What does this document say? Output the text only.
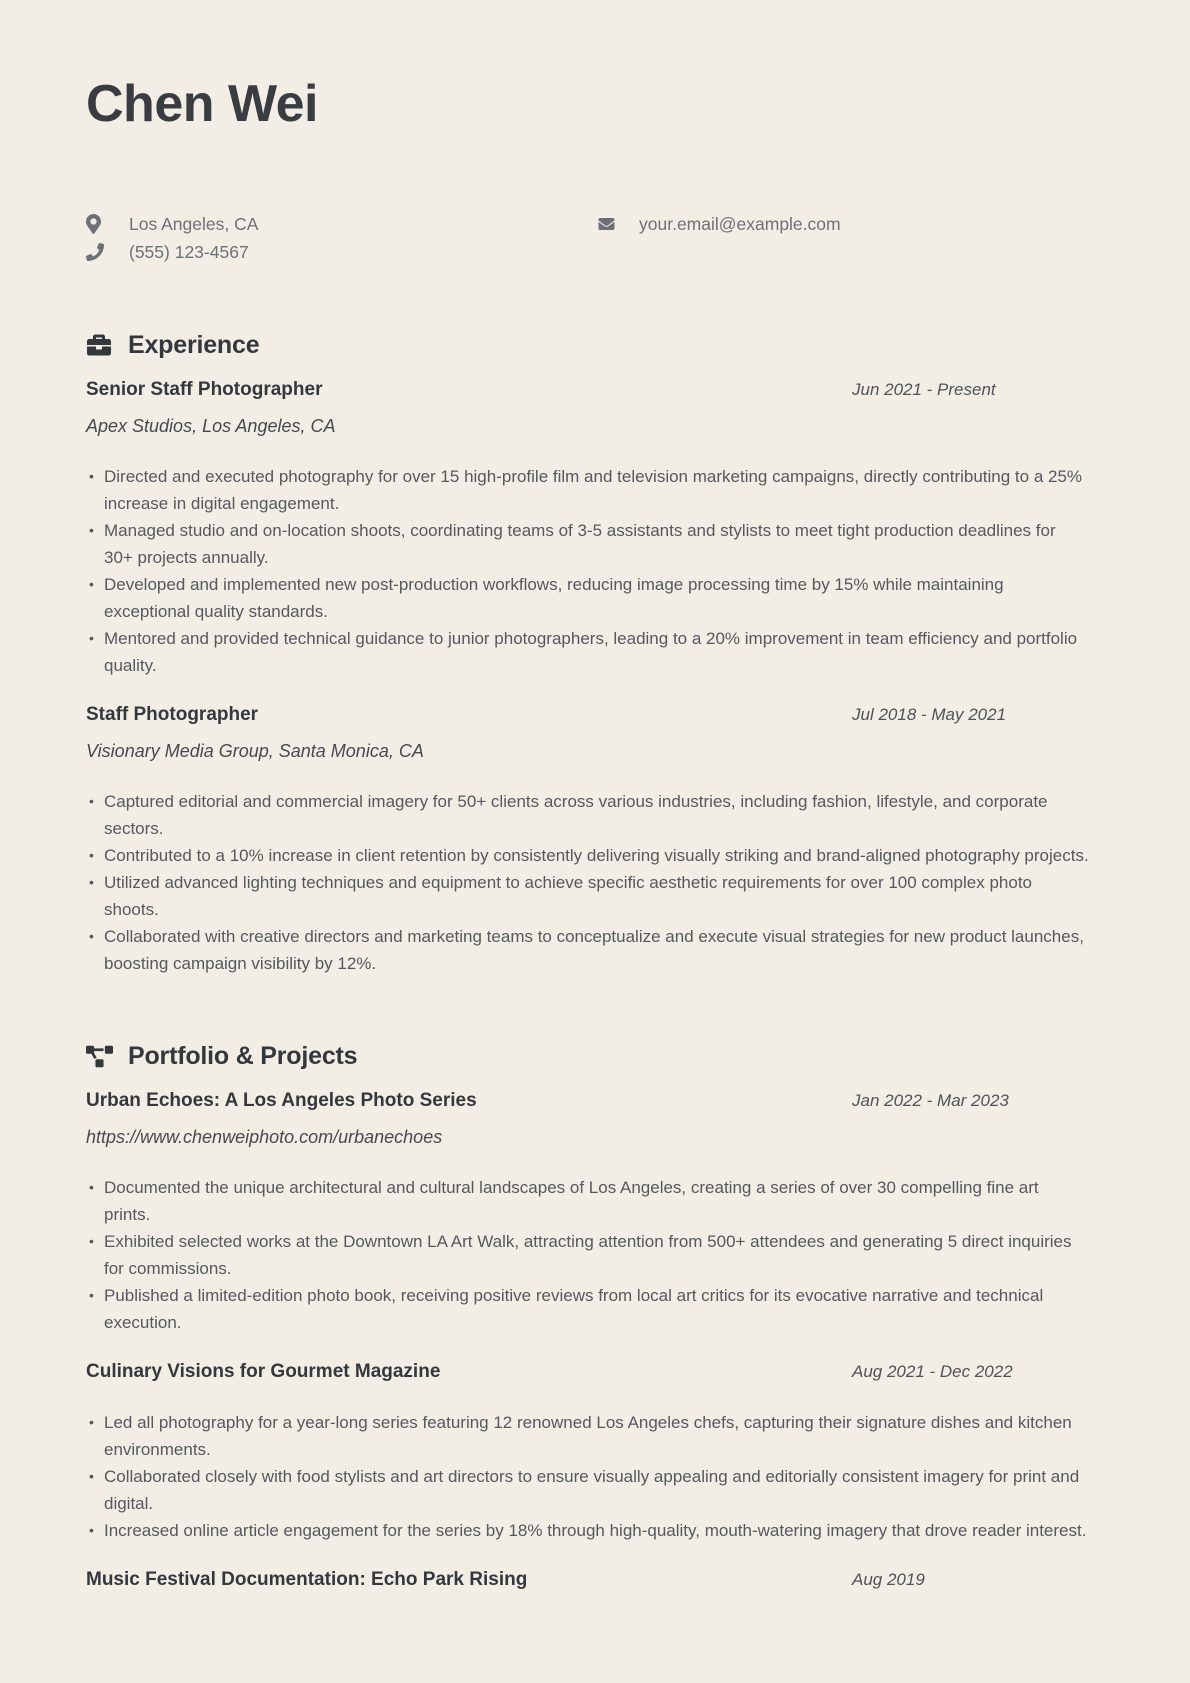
Chen Wei
Los Angeles, CA
(555) 123-4567
your.email@example.com
Experience
Senior Staff Photographer	Jun 2021 - Present
Apex Studios, Los Angeles, CA
• Directed and executed photography for over 15 high-profile film and television marketing campaigns, directly contributing to a 25% increase in digital engagement.
• Managed studio and on-location shoots, coordinating teams of 3-5 assistants and stylists to meet tight production deadlines for 30+ projects annually.
• Developed and implemented new post-production workflows, reducing image processing time by 15% while maintaining exceptional quality standards.
• Mentored and provided technical guidance to junior photographers, leading to a 20% improvement in team efficiency and portfolio quality.
Staff Photographer	Jul 2018 - May 2021
Visionary Media Group, Santa Monica, CA
• Captured editorial and commercial imagery for 50+ clients across various industries, including fashion, lifestyle, and corporate sectors.
• Contributed to a 10% increase in client retention by consistently delivering visually striking and brand-aligned photography projects.
• Utilized advanced lighting techniques and equipment to achieve specific aesthetic requirements for over 100 complex photo shoots.
• Collaborated with creative directors and marketing teams to conceptualize and execute visual strategies for new product launches, boosting campaign visibility by 12%.
Portfolio & Projects
Urban Echoes: A Los Angeles Photo Series	Jan 2022 - Mar 2023
https://www.chenweiphoto.com/urbanechoes
• Documented the unique architectural and cultural landscapes of Los Angeles, creating a series of over 30 compelling fine art prints.
• Exhibited selected works at the Downtown LA Art Walk, attracting attention from 500+ attendees and generating 5 direct inquiries for commissions.
• Published a limited-edition photo book, receiving positive reviews from local art critics for its evocative narrative and technical execution.
Culinary Visions for Gourmet Magazine	Aug 2021 - Dec 2022
• Led all photography for a year-long series featuring 12 renowned Los Angeles chefs, capturing their signature dishes and kitchen environments.
• Collaborated closely with food stylists and art directors to ensure visually appealing and editorially consistent imagery for print and digital.
• Increased online article engagement for the series by 18% through high-quality, mouth-watering imagery that drove reader interest.
Music Festival Documentation: Echo Park Rising	Aug 2019
